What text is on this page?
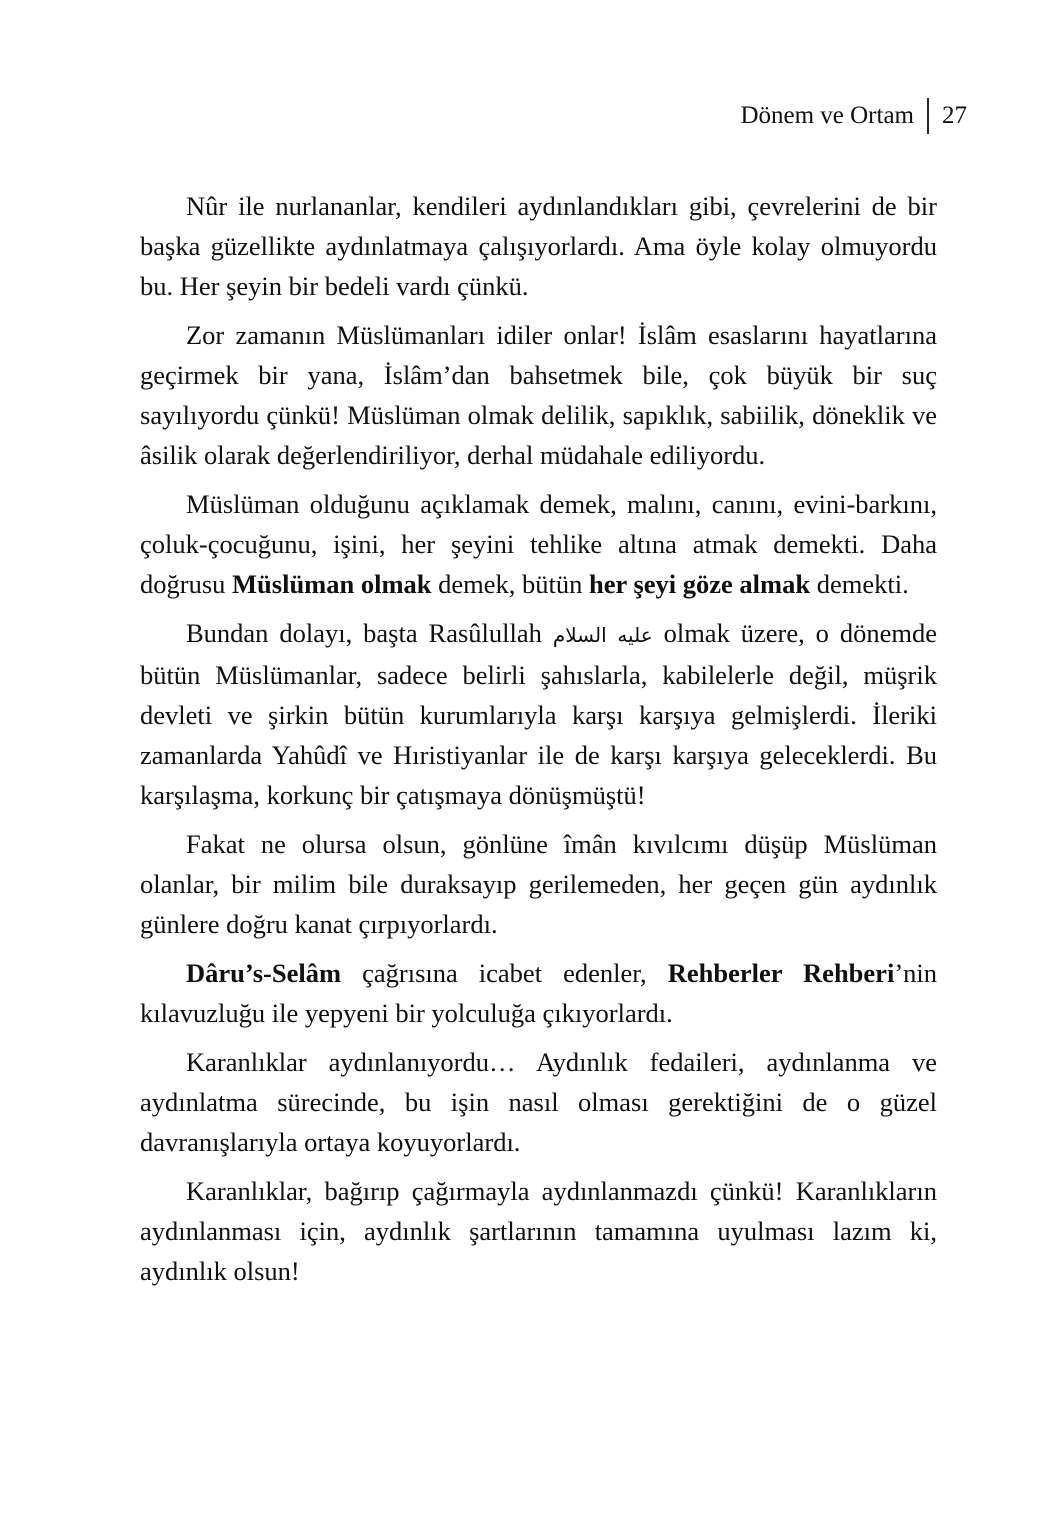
Dönem ve Ortam 27

Nûr ile nurlananlar, kendileri aydınlandıkları gibi, çevrelerini de bir başka güzellikte aydınlatmaya çalışıyorlardı. Ama öyle kolay olmuyordu bu. Her şeyin bir bedeli vardı çünkü.

Zor zamanın Müslümanları idiler onlar! İslâm esaslarını hayatlarına geçirmek bir yana, İslâm’dan bahsetmek bile, çok büyük bir suç sayılıyordu çünkü! Müslüman olmak delilik, sapıklık, sabiilik, döneklik ve âsilik olarak değerlendiriliyor, derhal müdahale ediliyordu.

Müslüman olduğunu açıklamak demek, malını, canını, evini-barkını, çoluk-çocuğunu, işini, her şeyini tehlike altına atmak demekti. Daha doğrusu Müslüman olmak demek, bütün her şeyi göze almak demekti.

Bundan dolayı, başta Rasûlullah عليه السلام olmak üzere, o dönemde bütün Müslümanlar, sadece belirli şahıslarla, kabilelerle değil, müşrik devleti ve şirkin bütün kurumlarıyla karşı karşıya gelmişlerdi. İleriki zamanlarda Yahûdî ve Hıristiyanlar ile de karşı karşıya geleceklerdi. Bu karşılaşma, korkunç bir çatışmaya dönüşmüştü!

Fakat ne olursa olsun, gönlüne îmân kıvılcımı düşüp Müslüman olanlar, bir milim bile duraksayıp gerilemeden, her geçen gün aydınlık günlere doğru kanat çırpıyorlardı.

Dâru’s-Selâm çağrısına icabet edenler, Rehberler Rehberi’nin kılavuzluğu ile yepyeni bir yolculuğa çıkıyorlardı.

Karanlıklar aydınlanıyordu… Aydınlık fedaileri, aydınlanma ve aydınlatma sürecinde, bu işin nasıl olması gerektiğini de o güzel davranışlarıyla ortaya koyuyorlardı.

Karanlıklar, bağırıp çağırmayla aydınlanmazdı çünkü! Karanlıkların aydınlanması için, aydınlık şartlarının tamamına uyulması lazım ki, aydınlık olsun!
